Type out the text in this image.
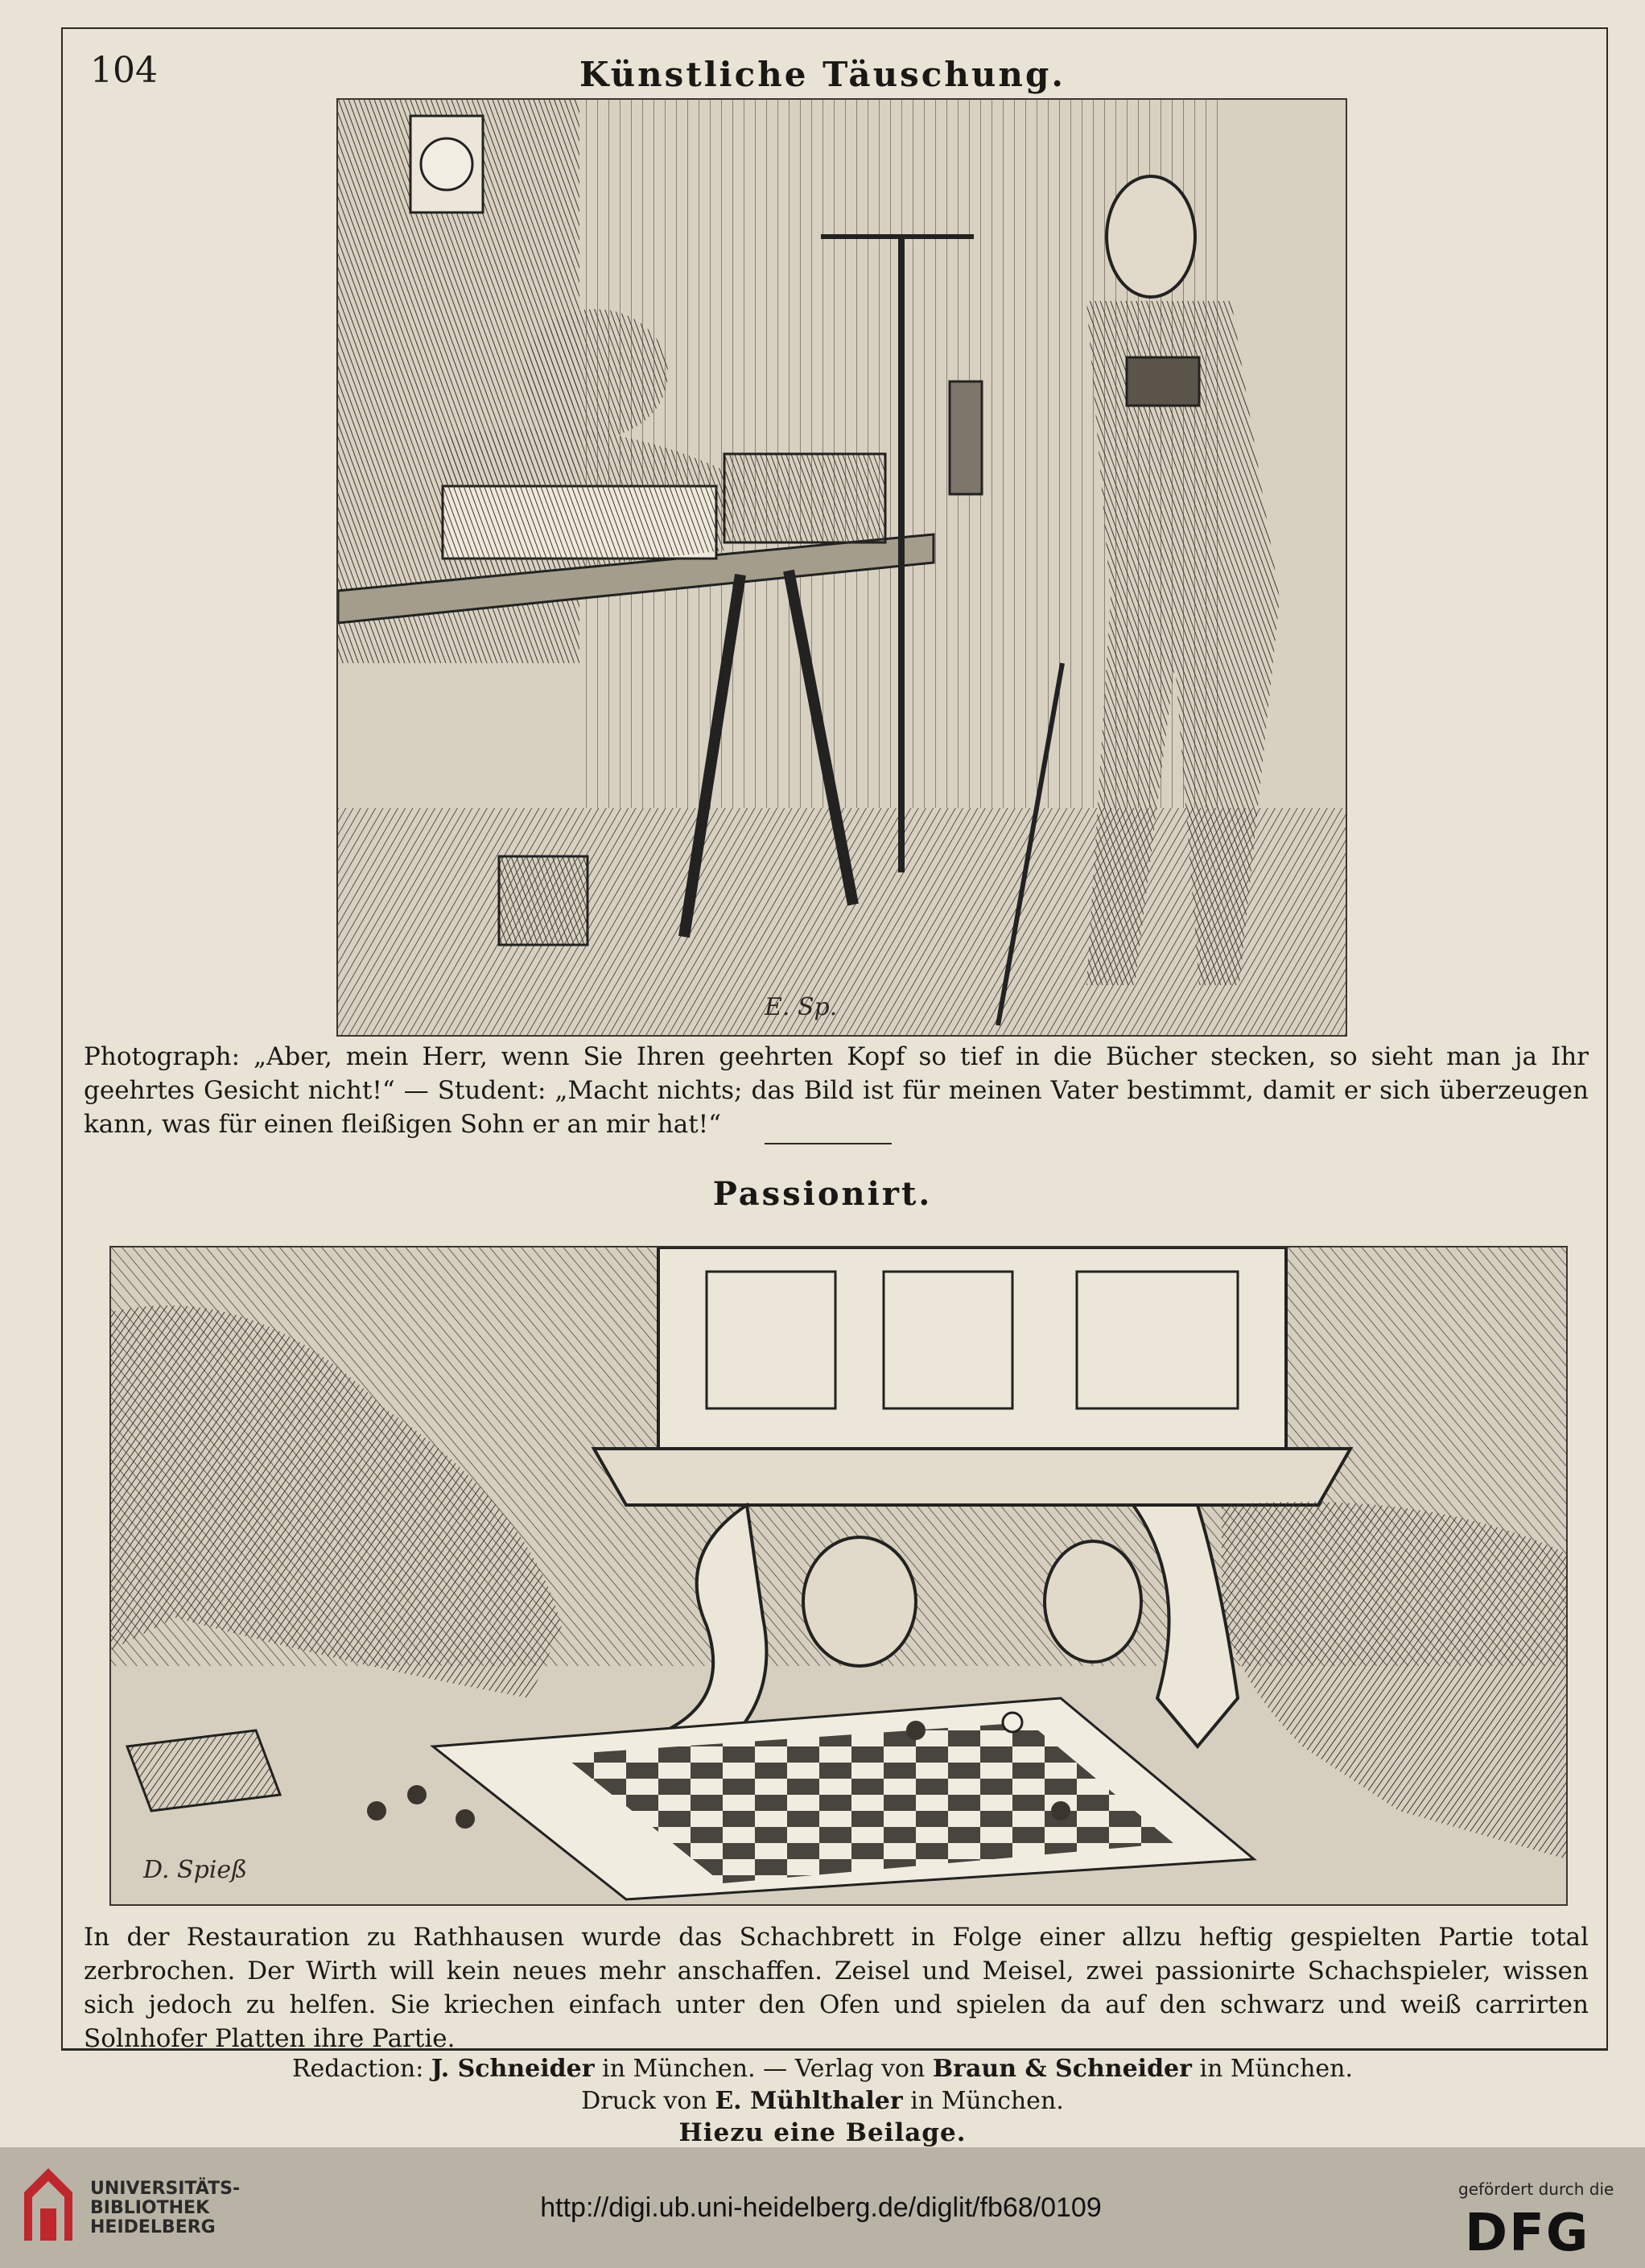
104	Künstliche Täuschung.
E. Sp.
Photograph: „Aber, mein Herr, wenn Sie Ihren geehrten Kopf so tief in die Bücher stecken, so sieht man ja Ihr geehrtes Gesicht nicht!“ — Student: „Macht nichts; das Bild ist für meinen Vater bestimmt, damit er sich überzeugen kann, was für einen fleißigen Sohn er an mir hat!“
Passionirt.
D. Spieß
In der Restauration zu Rathhausen wurde das Schachbrett in Folge einer allzu heftig gespielten Partie total zerbrochen. Der Wirth will kein neues mehr anschaffen. Zeisel und Meisel, zwei passionirte Schachspieler, wissen sich jedoch zu helfen. Sie kriechen einfach unter den Ofen und spielen da auf den schwarz und weiß carrirten Solnhofer Platten ihre Partie.
Redaction: J. Schneider in München. — Verlag von Braun & Schneider in München.
Druck von E. Mühlthaler in München.
Hiezu eine Beilage.
UNIVERSITÄTS-
BIBLIOTHEK
HEIDELBERG
http://digi.ub.uni-heidelberg.de/diglit/fb68/0109
gefördert durch die
DFG
